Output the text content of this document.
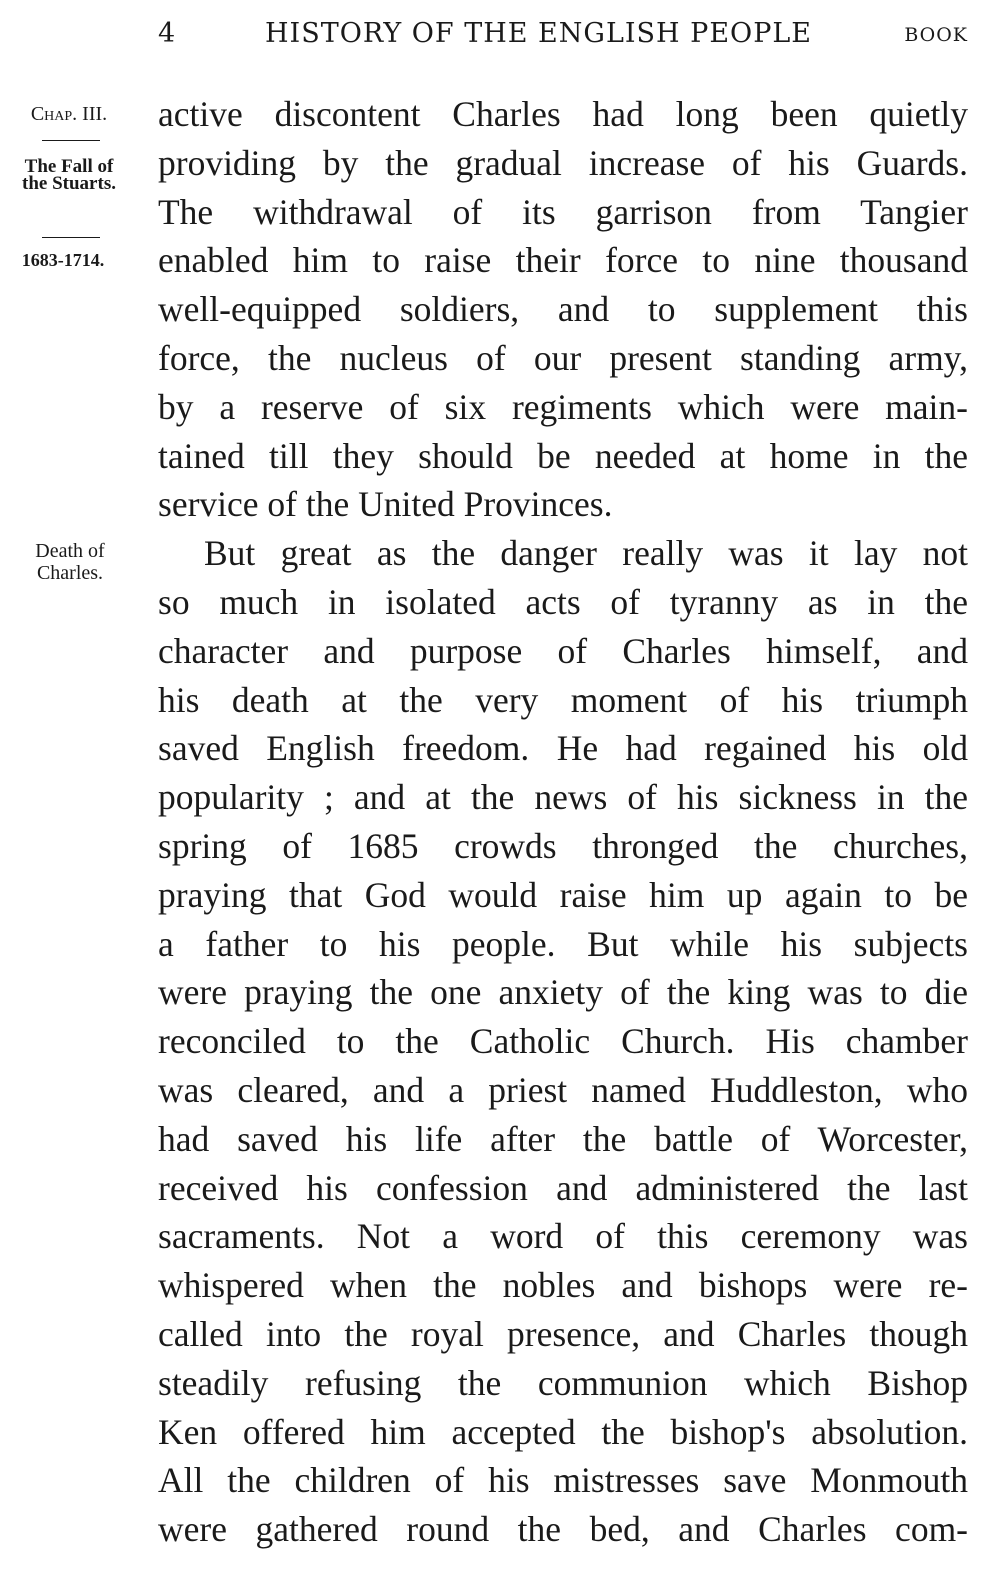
4	HISTORY OF THE ENGLISH PEOPLE	BOOK
Chap. III.
The Fall of the Stuarts.
1683-1714.
Death of Charles.
active discontent Charles had long been quietly
providing by the gradual increase of his Guards.
The withdrawal of its garrison from Tangier
enabled him to raise their force to nine thousand
well-equipped soldiers, and to supplement this
force, the nucleus of our present standing army,
by a reserve of six regiments which were main-
tained till they should be needed at home in the
service of the United Provinces.
But great as the danger really was it lay not
so much in isolated acts of tyranny as in the
character and purpose of Charles himself, and
his death at the very moment of his triumph
saved English freedom. He had regained his old
popularity ; and at the news of his sickness in the
spring of 1685 crowds thronged the churches,
praying that God would raise him up again to be
a father to his people. But while his subjects
were praying the one anxiety of the king was to die
reconciled to the Catholic Church. His chamber
was cleared, and a priest named Huddleston, who
had saved his life after the battle of Worcester,
received his confession and administered the last
sacraments. Not a word of this ceremony was
whispered when the nobles and bishops were re-
called into the royal presence, and Charles though
steadily refusing the communion which Bishop
Ken offered him accepted the bishop's absolution.
All the children of his mistresses save Monmouth
were gathered round the bed, and Charles com-
